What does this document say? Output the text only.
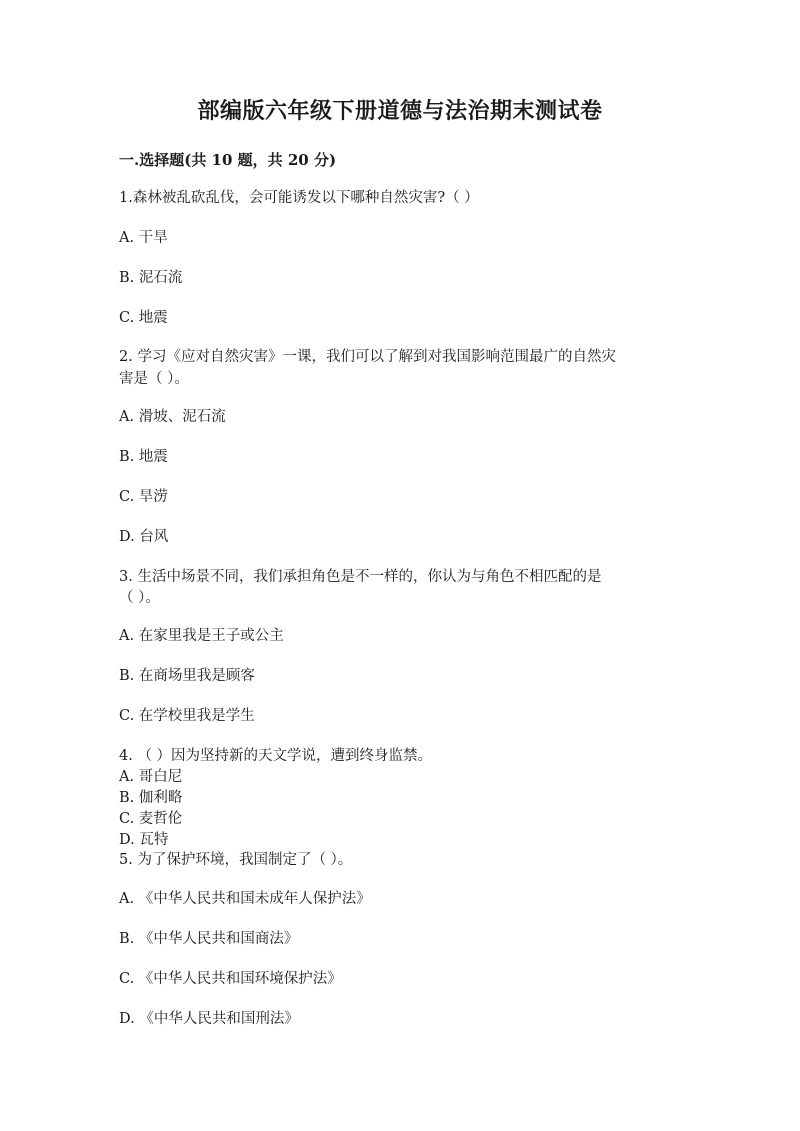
部编版六年级下册道德与法治期末测试卷
一.选择题(共 10 题，共 20 分)
1.森林被乱砍乱伐，会可能诱发以下哪种自然灾害?（ ）
A. 干旱
B. 泥石流
C. 地震
2. 学习《应对自然灾害》一课，我们可以了解到对我国影响范围最广的自然灾
害是（ ）。
A. 滑坡、泥石流
B. 地震
C. 旱涝
D. 台风
3. 生活中场景不同，我们承担角色是不一样的，你认为与角色不相匹配的是
（ ）。
A. 在家里我是王子或公主
B. 在商场里我是顾客
C. 在学校里我是学生
4. （ ）因为坚持新的天文学说，遭到终身监禁。
A. 哥白尼
B. 伽利略
C. 麦哲伦
D. 瓦特
5. 为了保护环境，我国制定了（ ）。
A. 《中华人民共和国未成年人保护法》
B. 《中华人民共和国商法》
C. 《中华人民共和国环境保护法》
D. 《中华人民共和国刑法》
